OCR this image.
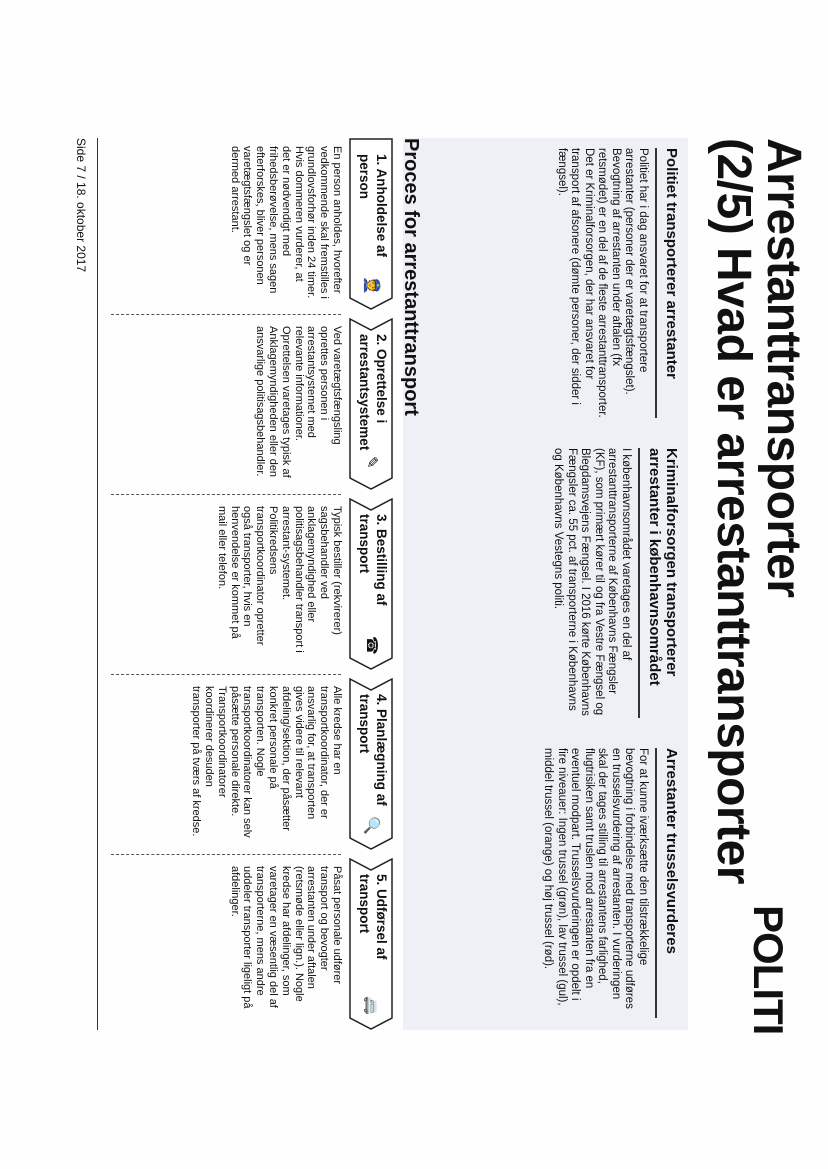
Arrestanttransporter
(2/5) Hvad er arrestanttransporter
POLITI
Politiet transporterer arrestanter

Politiet har i dag ansvaret for at transportere arrestanter (personer der er varetægtsfængslet). Bevogtning af arrestanten under aftalen (fx retsmødet) er en del af de fleste arrestanttransporter. Det er Kriminalforsorgen, der har ansvaret for transport af afsonere (dømte personer, der sidder i fængsel).

Kriminalforsorgen transporterer arrestanter i københavnsområdet

I københavnsområdet varetages en del af arrestanttransporterne af Københavns Fængsler (KF), som primært kører til og fra Vestre Fængsel og Blegdamsvejens Fængsel. I 2016 kørte Københavns Fængsler ca. 55 pct. af transporterne i Københavns og Københavns Vestegns politi.

Arrestanter trusselsvurderes

For at kunne iværksætte den tilstrækkelige bevogtning i forbindelse med transporterne udføres en trusselsvurdering af arrestanten. I vurderingen skal der tages stilling til arrestantens farlighed, flugtrisiken samt truslen mod arrestanten fra en eventuel modpart. Trusselsvurderingen er opdelt i fire niveauer: Ingen trussel (grøn), lav trussel (gul), middel trussel (orange) og høj trussel (rød).

Proces for arrestanttransport
1. Anholdelse af person
👮
En person anholdes, hvorefter vedkommende skal fremstilles i grundlovsforhør inden 24 timer. Hvis dommeren vurderer, at det er nødvendigt med frihedsberøvelse, mens sagen efterforskes, bliver personen varetægtsfængslet og er dermed arrestant.
2. Oprettelse i arrestantsystemet
✎
Ved varetægtsfængsling oprettes personen i arrestantsystemet med relevante informationer. Oprettelsen varetages typisk af Anklagemyndigheden eller den ansvarlige politisagsbehandler.
3. Bestilling af transport
☎
Typisk bestiller (rekvirerer) sagsbehandler ved anklagemyndighed eller politisagsbehandler transport i arrestant-systemet. Politikredsens transportkoordinator opretter også transporter, hvis en henvendelse er kommet på mail eller telefon.
4. Planlægning af transport
🔍
Alle kredse har en transportkoordinator, der er ansvarlig for, at transporten gives videre til relevant afdeling/sektion, der påsætter konkret personale på transporten. Nogle transportkoordinatorer kan selv påsætte personale direkte. Transportkoordinatorer koordinerer desuden transporter på tværs af kredse.
5. Udførsel af transport
🚐
Påsat personale udfører transport og bevogter arrestanten under aftalen (retsmøde eller lign.). Nogle kredse har afdelinger, som varetager en væsentlig del af transporterne, mens andre uddeler transporter ligeligt på afdelinger.
Side 7 / 18. oktober 2017
